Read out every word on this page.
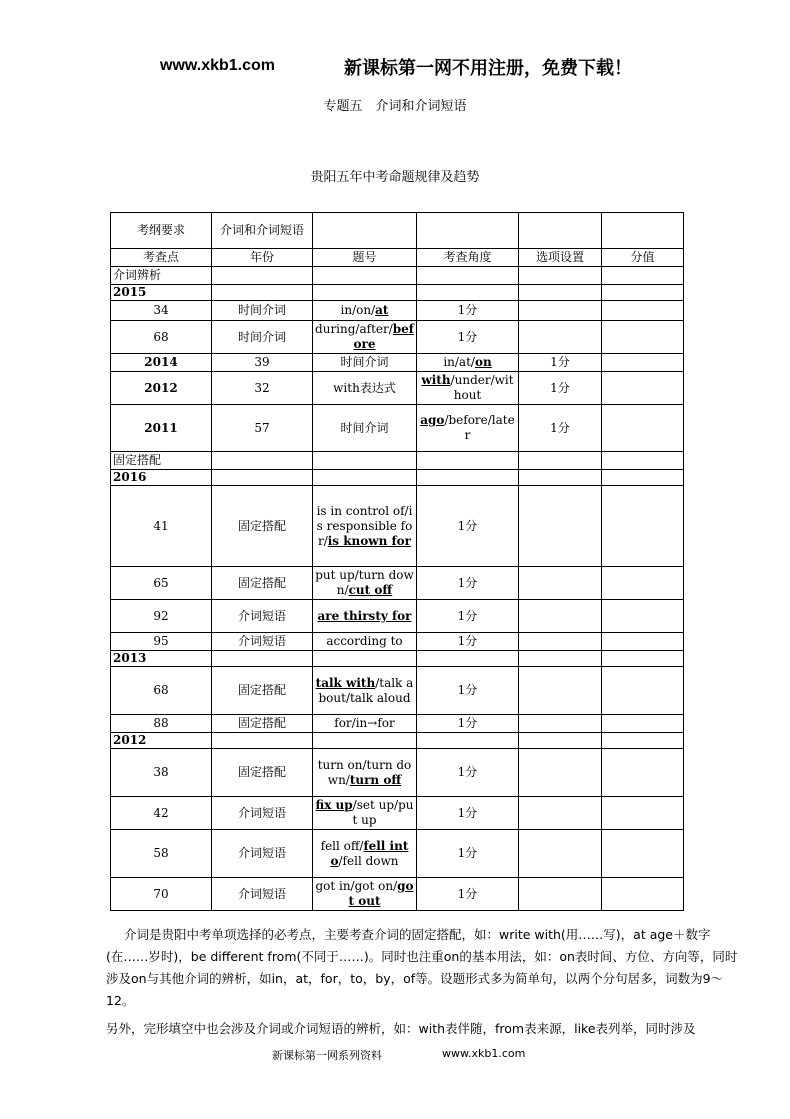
www.xkb1.com	新课标第一网不用注册，免费下载！
专题五　介词和介词短语
贵阳五年中考命题规律及趋势
考纲要求	介词和介词短语				
考查点	年份	题号	考查角度	选项设置	分值
介词辨析					
2015					
34	时间介词	in/on/at	1分		
68	时间介词	during/after/before	1分		
2014	39	时间介词	in/at/on	1分	
2012	32	with表达式	with/under/without	1分	
2011	57	时间介词	ago/before/later	1分	
固定搭配					
2016					
41	固定搭配	is in control of/is responsible for/is known for	1分		
65	固定搭配	put up/turn down/cut off	1分		
92	介词短语	are thirsty for	1分		
95	介词短语	according to	1分		
2013					
68	固定搭配	talk with/talk about/talk aloud	1分		
88	固定搭配	for/in→for	1分		
2012					
38	固定搭配	turn on/turn down/turn off	1分		
42	介词短语	fix up/set up/put up	1分		
58	介词短语	fell off/fell into/fell down	1分		
70	介词短语	got in/got on/got out	1分		
介词是贵阳中考单项选择的必考点，主要考查介词的固定搭配，如：write with(用……写)，at age＋数字(在……岁时)，be different from(不同于……)。同时也注重on的基本用法，如：on表时间、方位、方向等，同时涉及on与其他介词的辨析，如in，at，for，to，by，of等。设题形式多为简单句，以两个分句居多，词数为9～12。
另外，完形填空中也会涉及介词或介词短语的辨析，如：with表伴随，from表来源，like表列举，同时涉及
新课标第一网系列资料	www.xkb1.com
